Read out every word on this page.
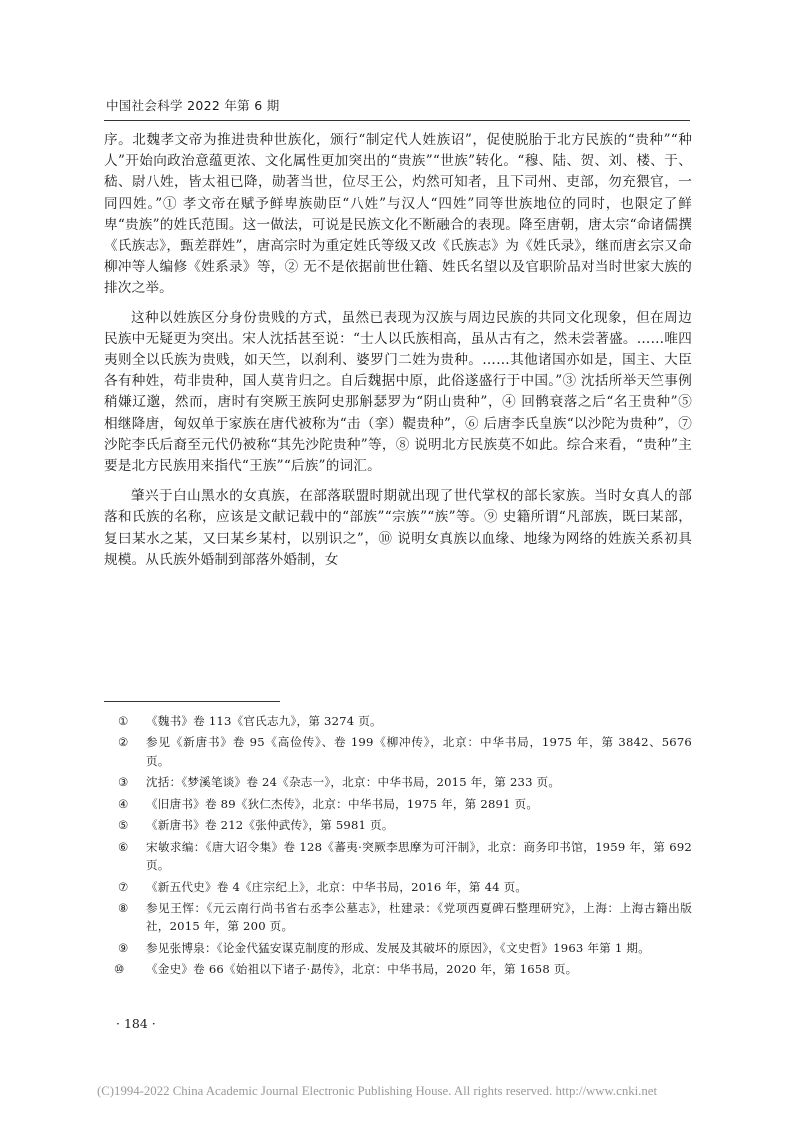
中国社会科学 2022 年第 6 期

序。北魏孝文帝为推进贵种世族化，颁行“制定代人姓族诏”，促使脱胎于北方民族的“贵种”“种人”开始向政治意蕴更浓、文化属性更加突出的“贵族”“世族”转化。“穆、陆、贺、刘、楼、于、嵇、尉八姓，皆太祖已降，勋著当世，位尽王公，灼然可知者，且下司州、吏部，勿充猥官，一同四姓。”① 孝文帝在赋予鲜卑族勋臣“八姓”与汉人“四姓”同等世族地位的同时，也限定了鲜卑“贵族”的姓氏范围。这一做法，可说是民族文化不断融合的表现。降至唐朝，唐太宗“命诸儒撰《氏族志》，甄差群姓”，唐高宗时为重定姓氏等级又改《氏族志》为《姓氏录》，继而唐玄宗又命柳冲等人编修《姓系录》等，② 无不是依据前世仕籍、姓氏名望以及官职阶品对当时世家大族的排次之举。

这种以姓族区分身份贵贱的方式，虽然已表现为汉族与周边民族的共同文化现象，但在周边民族中无疑更为突出。宋人沈括甚至说：“士人以氏族相高，虽从古有之，然未尝著盛。……唯四夷则全以氏族为贵贱，如天竺，以刹利、婆罗门二姓为贵种。……其他诸国亦如是，国主、大臣各有种姓，苟非贵种，国人莫肯归之。自后魏据中原，此俗遂盛行于中国。”③ 沈括所举天竺事例稍嫌辽邈，然而，唐时有突厥王族阿史那斛瑟罗为“阴山贵种”，④ 回鹘衰落之后“名王贵种”⑤ 相继降唐，匈奴单于家族在唐代被称为“击（挛）鞮贵种”，⑥ 后唐李氏皇族“以沙陀为贵种”，⑦ 沙陀李氏后裔至元代仍被称“其先沙陀贵种”等，⑧ 说明北方民族莫不如此。综合来看，“贵种”主要是北方民族用来指代“王族”“后族”的词汇。

肇兴于白山黑水的女真族，在部落联盟时期就出现了世代掌权的部长家族。当时女真人的部落和氏族的名称，应该是文献记载中的“部族”“宗族”“族”等。⑨ 史籍所谓“凡部族，既曰某部，复曰某水之某，又曰某乡某村，以别识之”，⑩ 说明女真族以血缘、地缘为网络的姓族关系初具规模。从氏族外婚制到部落外婚制，女

①	《魏书》卷 113《官氏志九》，第 3274 页。
②	参见《新唐书》卷 95《高俭传》、卷 199《柳冲传》，北京：中华书局，1975 年，第 3842、5676 页。
③	沈括：《梦溪笔谈》卷 24《杂志一》，北京：中华书局，2015 年，第 233 页。
④	《旧唐书》卷 89《狄仁杰传》，北京：中华书局，1975 年，第 2891 页。
⑤	《新唐书》卷 212《张仲武传》，第 5981 页。
⑥	宋敏求编：《唐大诏令集》卷 128《蕃夷·突厥李思摩为可汗制》，北京：商务印书馆，1959 年，第 692 页。
⑦	《新五代史》卷 4《庄宗纪上》，北京：中华书局，2016 年，第 44 页。
⑧	参见王恽：《元云南行尚书省右丞李公墓志》，杜建录：《党项西夏碑石整理研究》，上海：上海古籍出版社，2015 年，第 200 页。
⑨	参见张博泉：《论金代猛安谋克制度的形成、发展及其破坏的原因》，《文史哲》1963 年第 1 期。
⑩	《金史》卷 66《始祖以下诸子·勗传》，北京：中华书局，2020 年，第 1658 页。
· 184 ·
(C)1994-2022 China Academic Journal Electronic Publishing House. All rights reserved. http://www.cnki.net
